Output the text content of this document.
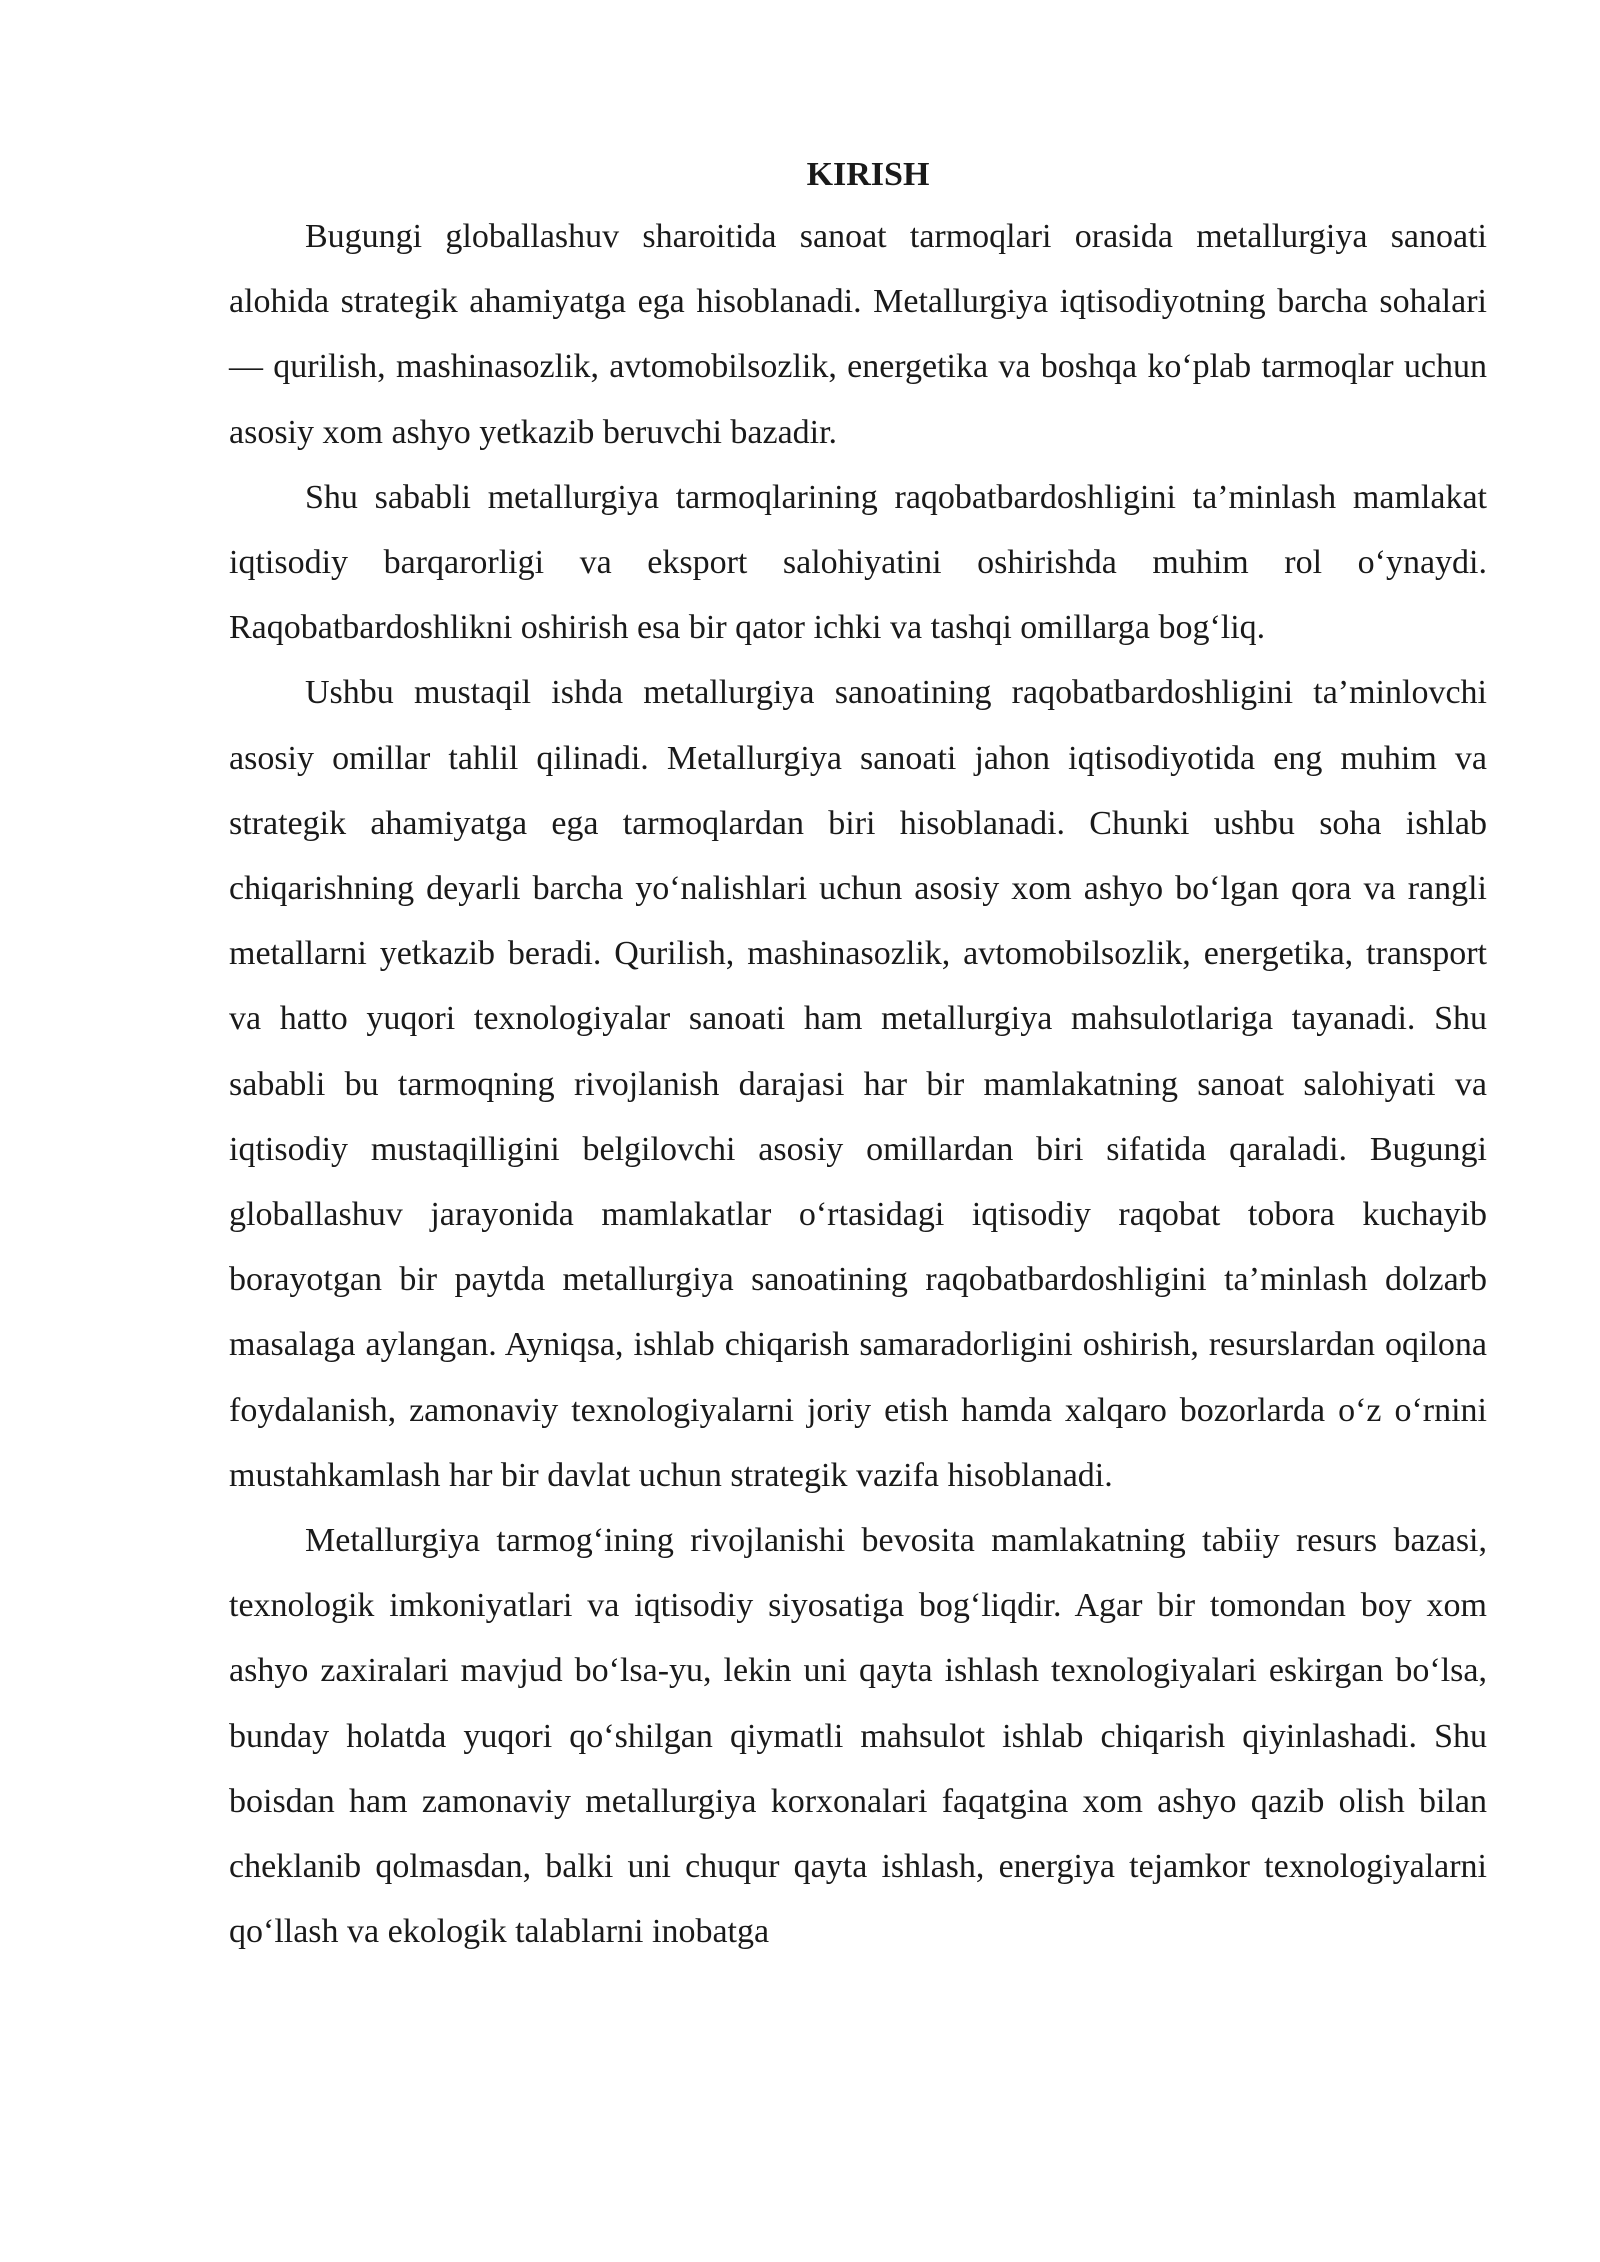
KIRISH

Bugungi globallashuv sharoitida sanoat tarmoqlari orasida metallurgiya sanoati alohida strategik ahamiyatga ega hisoblanadi. Metallurgiya iqtisodiyotning barcha sohalari — qurilish, mashinasozlik, avtomobilsozlik, energetika va boshqa ko‘plab tarmoqlar uchun asosiy xom ashyo yetkazib beruvchi bazadir.

Shu sababli metallurgiya tarmoqlarining raqobatbardoshligini ta’minlash mamlakat iqtisodiy barqarorligi va eksport salohiyatini oshirishda muhim rol o‘ynaydi. Raqobatbardoshlikni oshirish esa bir qator ichki va tashqi omillarga bog‘liq.

Ushbu mustaqil ishda metallurgiya sanoatining raqobatbardoshligini ta’minlovchi asosiy omillar tahlil qilinadi. Metallurgiya sanoati jahon iqtisodiyotida eng muhim va strategik ahamiyatga ega tarmoqlardan biri hisoblanadi. Chunki ushbu soha ishlab chiqarishning deyarli barcha yo‘nalishlari uchun asosiy xom ashyo bo‘lgan qora va rangli metallarni yetkazib beradi. Qurilish, mashinasozlik, avtomobilsozlik, energetika, transport va hatto yuqori texnologiyalar sanoati ham metallurgiya mahsulotlariga tayanadi. Shu sababli bu tarmoqning rivojlanish darajasi har bir mamlakatning sanoat salohiyati va iqtisodiy mustaqilligini belgilovchi asosiy omillardan biri sifatida qaraladi. Bugungi globallashuv jarayonida mamlakatlar o‘rtasidagi iqtisodiy raqobat tobora kuchayib borayotgan bir paytda metallurgiya sanoatining raqobatbardoshligini ta’minlash dolzarb masalaga aylangan. Ayniqsa, ishlab chiqarish samaradorligini oshirish, resurslardan oqilona foydalanish, zamonaviy texnologiyalarni joriy etish hamda xalqaro bozorlarda o‘z o‘rnini mustahkamlash har bir davlat uchun strategik vazifa hisoblanadi.

Metallurgiya tarmog‘ining rivojlanishi bevosita mamlakatning tabiiy resurs bazasi, texnologik imkoniyatlari va iqtisodiy siyosatiga bog‘liqdir. Agar bir tomondan boy xom ashyo zaxiralari mavjud bo‘lsa-yu, lekin uni qayta ishlash texnologiyalari eskirgan bo‘lsa, bunday holatda yuqori qo‘shilgan qiymatli mahsulot ishlab chiqarish qiyinlashadi. Shu boisdan ham zamonaviy metallurgiya korxonalari faqatgina xom ashyo qazib olish bilan cheklanib qolmasdan, balki uni chuqur qayta ishlash, energiya tejamkor texnologiyalarni qo‘llash va ekologik talablarni inobatga
